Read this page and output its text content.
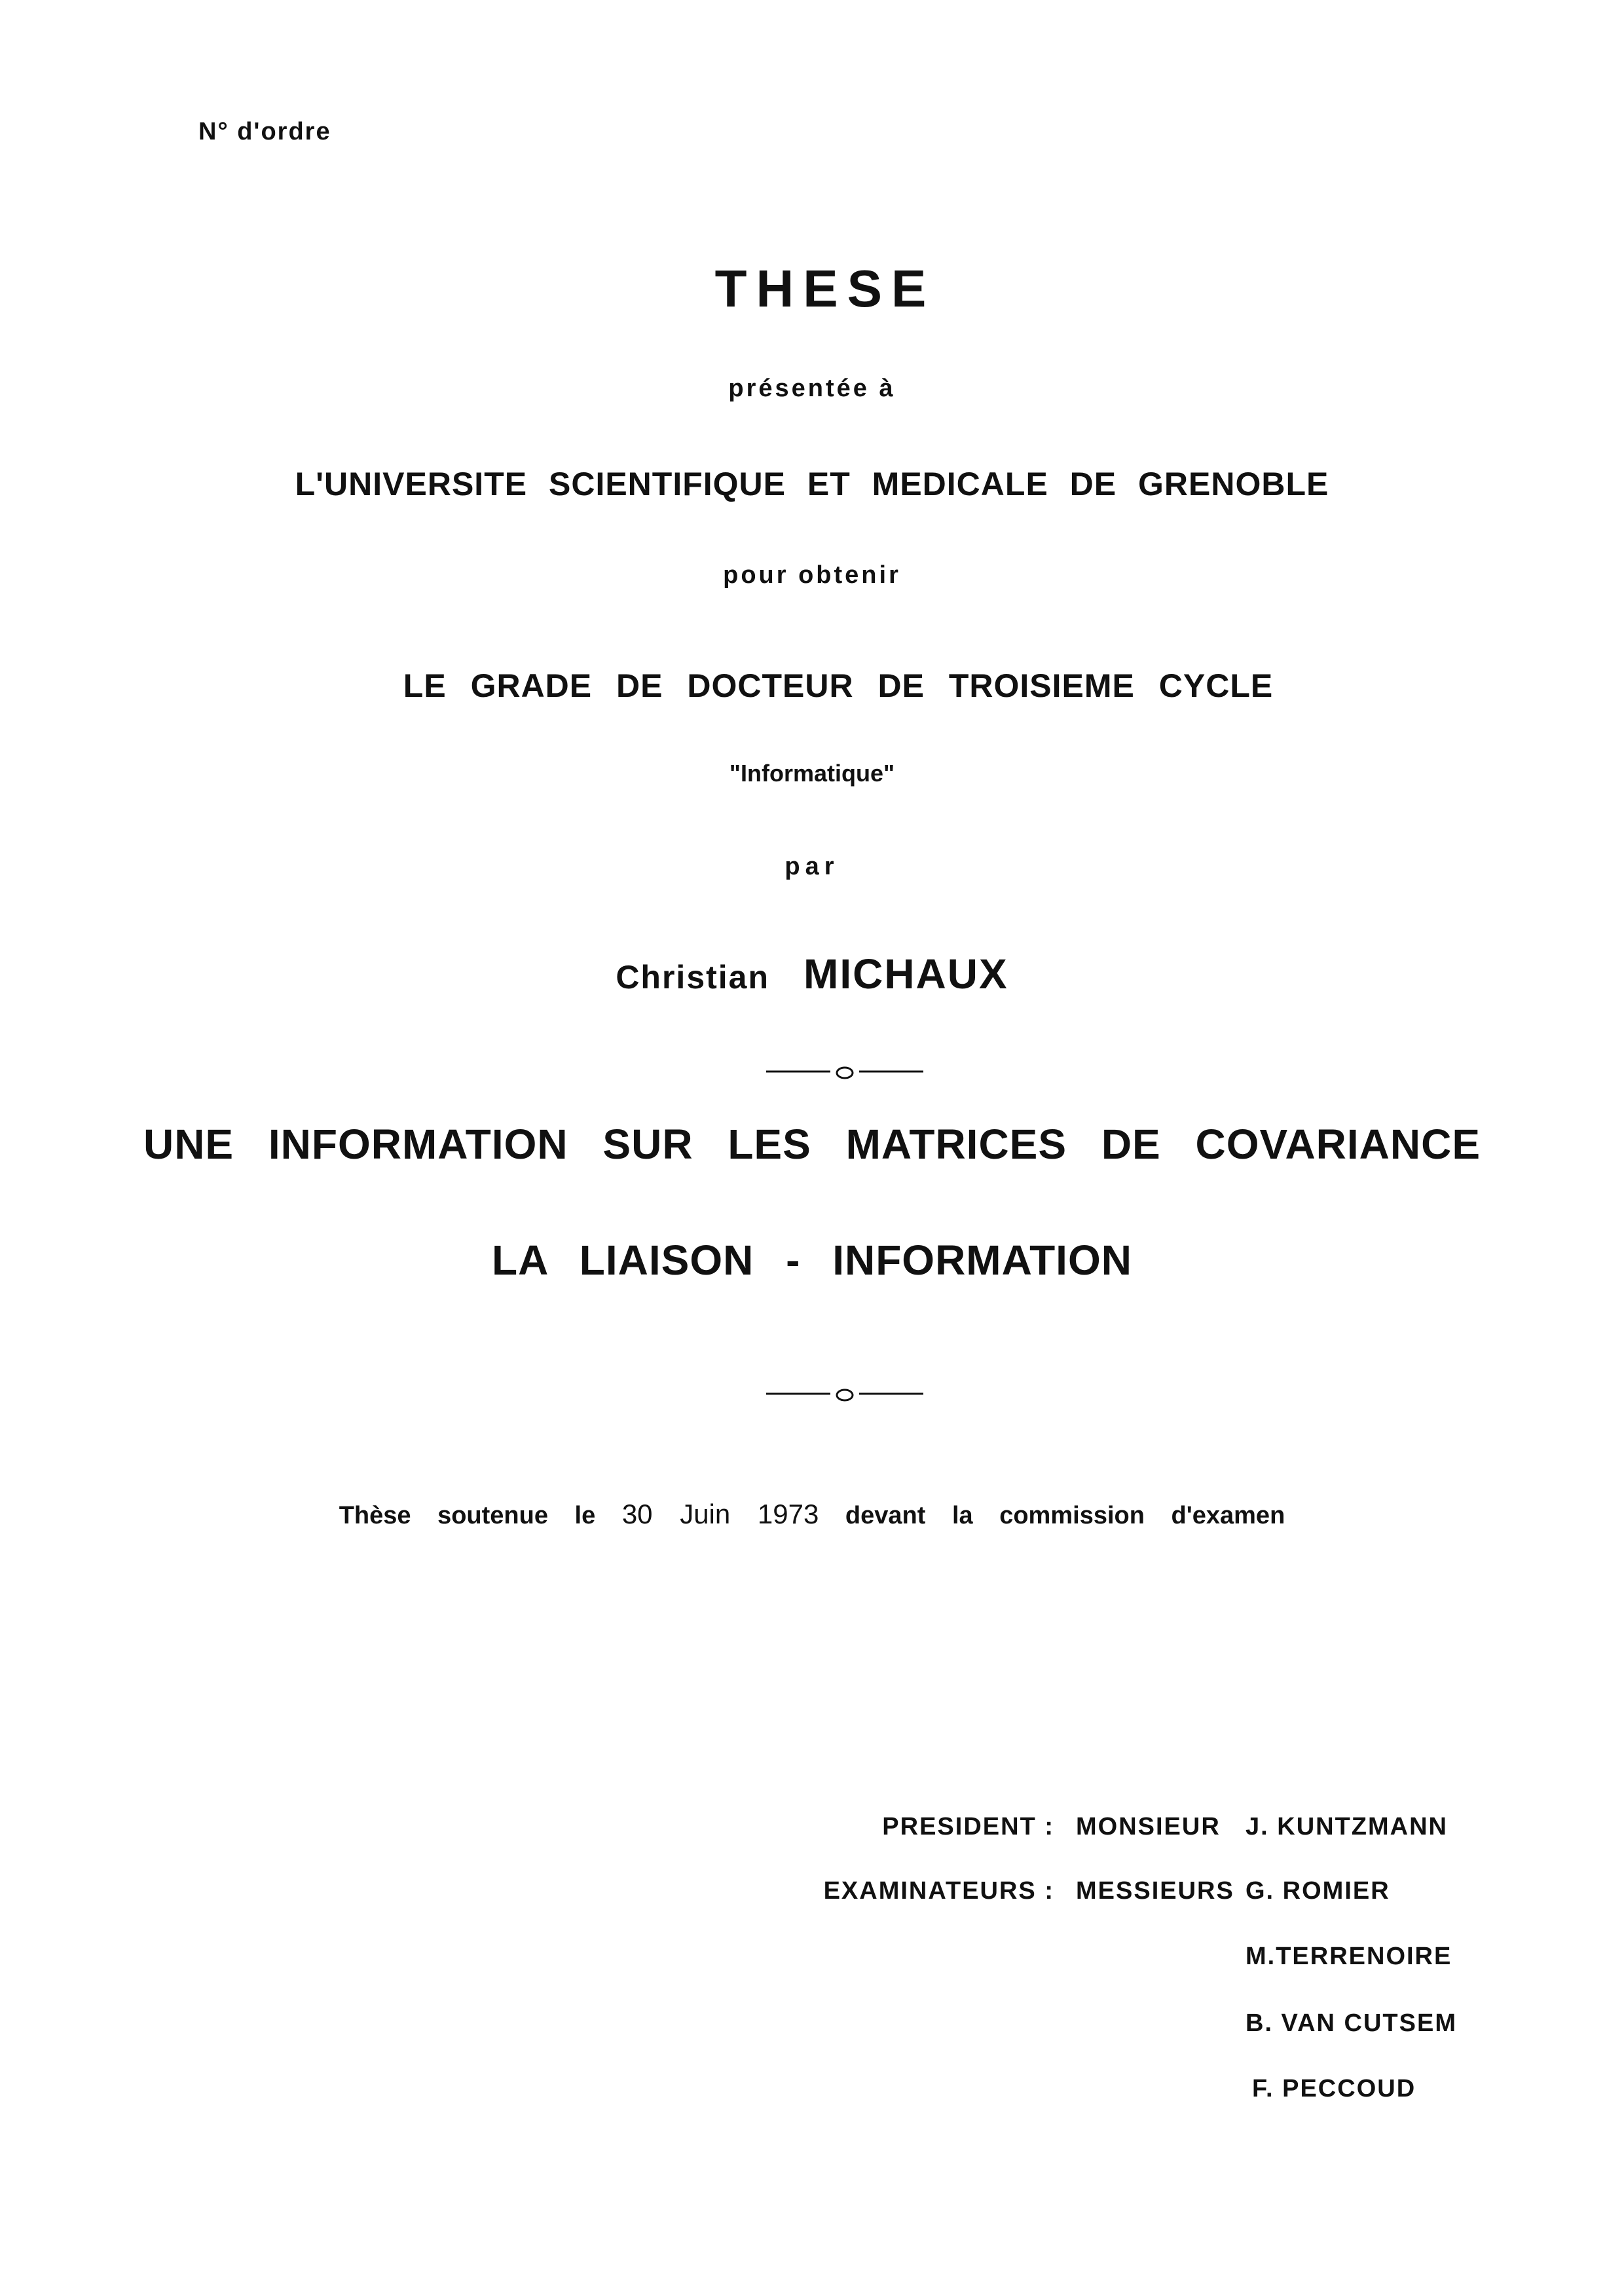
N° d'ordre
THESE
présentée à
L'UNIVERSITE SCIENTIFIQUE ET MEDICALE DE GRENOBLE
pour obtenir
LE GRADE DE DOCTEUR DE TROISIEME CYCLE
"Informatique"
par
Christian MICHAUX
UNE INFORMATION SUR LES MATRICES DE COVARIANCE
LA LIAISON - INFORMATION
Thèse soutenue le 30 Juin 1973 devant la commission d'examen
PRESIDENT : MONSIEUR J. KUNTZMANN
EXAMINATEURS : MESSIEURS G. ROMIER
M.TERRENOIRE
B. VAN CUTSEM
F. PECCOUD
